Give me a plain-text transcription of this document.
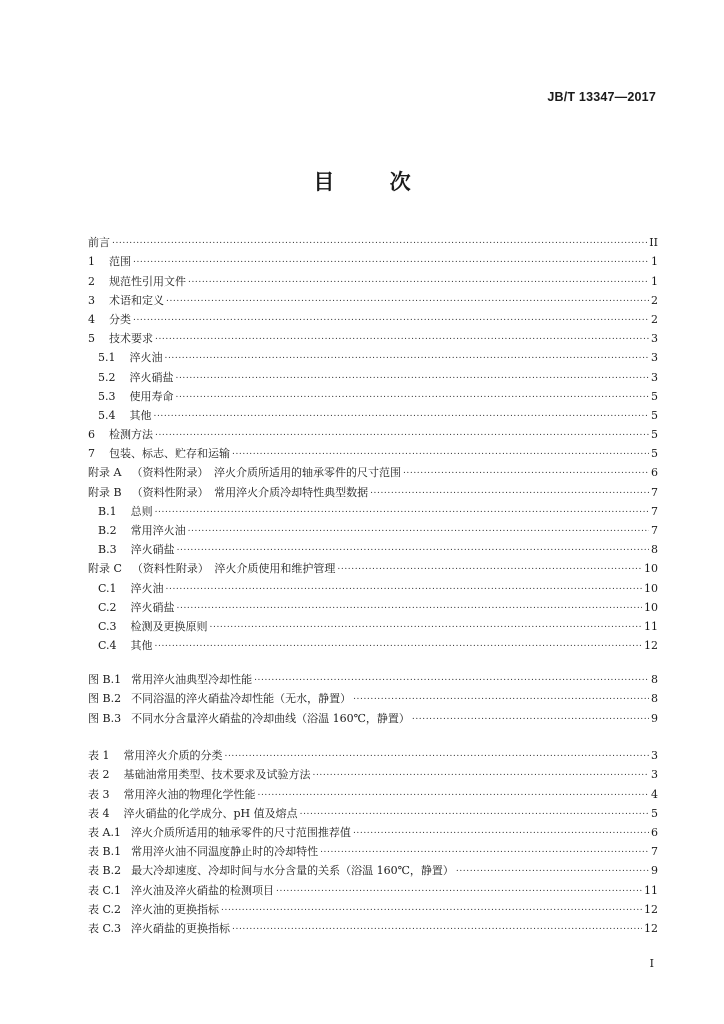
JB/T 13347—2017
目 次
前言 .....	II
1 范围 .....	1
2 规范性引用文件 .....	1
3 术语和定义 .....	2
4 分类 .....	2
5 技术要求 .....	3
5.1 淬火油 .....	3
5.2 淬火硝盐 .....	3
5.3 使用寿命 .....	5
5.4 其他 .....	5
6 检测方法 .....	5
7 包装、标志、贮存和运输 .....	5
附录 A （资料性附录）　淬火介质所适用的轴承零件的尺寸范围 .....	6
附录 B （资料性附录）　常用淬火介质冷却特性典型数据 .....	7
B.1 总则 .....	7
B.2 常用淬火油 .....	7
B.3 淬火硝盐 .....	8
附录 C （资料性附录）　淬火介质使用和维护管理 .....	10
C.1 淬火油 .....	10
C.2 淬火硝盐 .....	10
C.3 检测及更换原则 .....	11
C.4 其他 .....	12
图 B.1 常用淬火油典型冷却性能 .....	8
图 B.2 不同浴温的淬火硝盐冷却性能（无水，静置） .....	8
图 B.3 不同水分含量淬火硝盐的冷却曲线（浴温 160℃，静置） .....	9
表 1 常用淬火介质的分类 .....	3
表 2 基础油常用类型、技术要求及试验方法 .....	3
表 3 常用淬火油的物理化学性能 .....	4
表 4 淬火硝盐的化学成分、pH 值及熔点 .....	5
表 A.1 淬火介质所适用的轴承零件的尺寸范围推荐值 .....	6
表 B.1 常用淬火油不同温度静止时的冷却特性 .....	7
表 B.2 最大冷却速度、冷却时间与水分含量的关系（浴温 160℃，静置） .....	9
表 C.1 淬火油及淬火硝盐的检测项目 .....	11
表 C.2 淬火油的更换指标 .....	12
表 C.3 淬火硝盐的更换指标 .....	12
I
